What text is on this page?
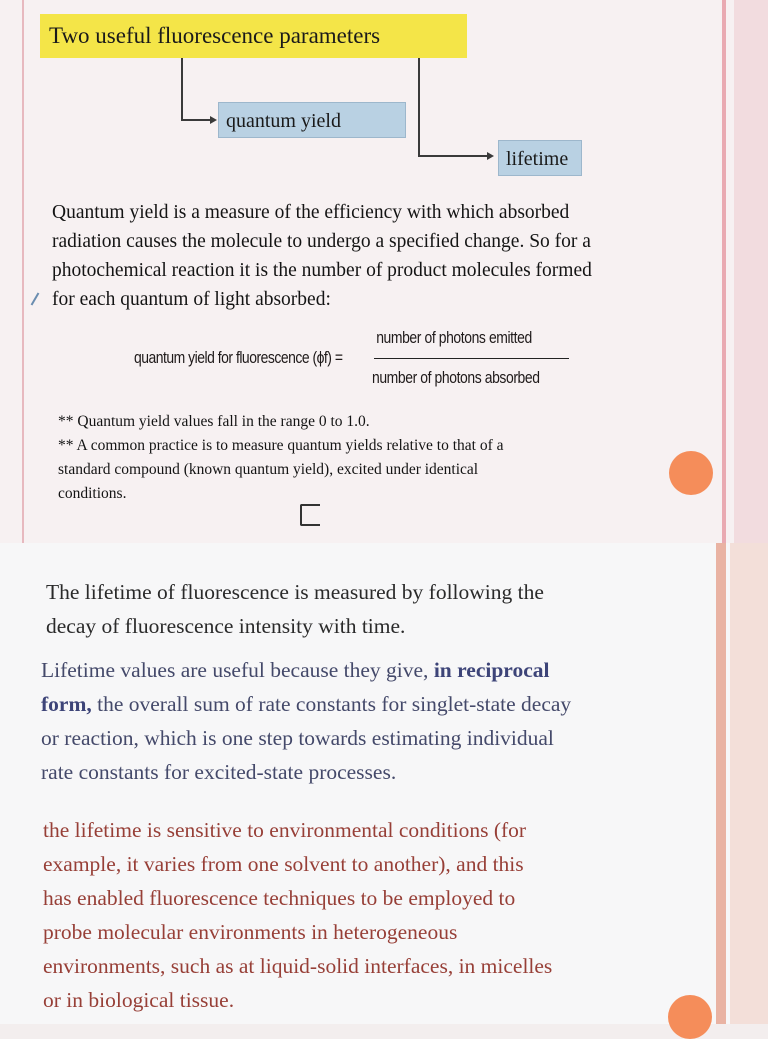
Two useful fluorescence parameters
quantum yield
lifetime
Quantum yield is a measure of the efficiency with which absorbed
radiation causes the molecule to undergo a specified change. So for a
photochemical reaction it is the number of product molecules formed
for each quantum of light absorbed:
quantum yield for fluorescence (ϕf) =
number of photons emitted
number of photons absorbed
** Quantum yield values fall in the range 0 to 1.0.
** A common practice is to measure quantum yields relative to that of a
standard compound (known quantum yield), excited under identical
conditions.
The lifetime of fluorescence is measured by following the
decay of fluorescence intensity with time.
Lifetime values are useful because they give, in reciprocal
form, the overall sum of rate constants for singlet-state decay
or reaction, which is one step towards estimating individual
rate constants for excited-state processes.
the lifetime is sensitive to environmental conditions (for
example, it varies from one solvent to another), and this
has enabled fluorescence techniques to be employed to
probe molecular environments in heterogeneous
environments, such as at liquid-solid interfaces, in micelles
or in biological tissue.
